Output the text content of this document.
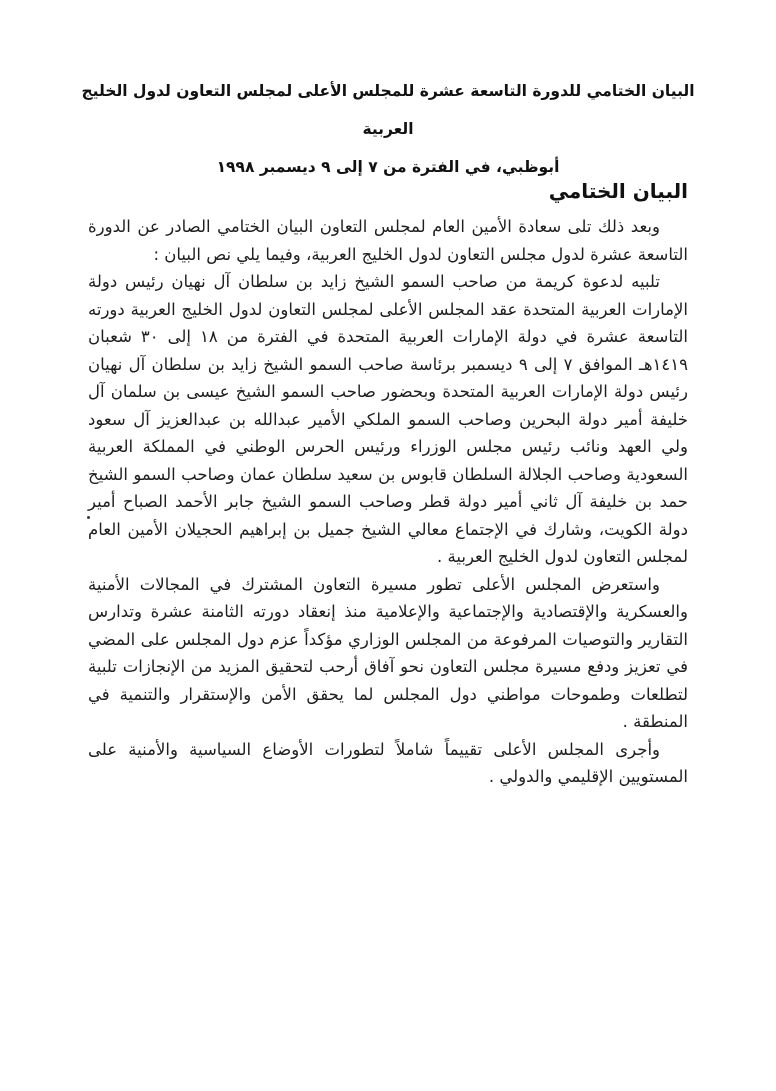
البيان الختامي للدورة التاسعة عشرة للمجلس الأعلى لمجلس التعاون لدول الخليج العربية
أبوظبي، في الفترة من ٧ إلى ٩ ديسمبر ١٩٩٨
البيان الختامي

وبعد ذلك تلى سعادة الأمين العام لمجلس التعاون البيان الختامي الصادر عن الدورة التاسعة عشرة لدول مجلس التعاون لدول الخليج العربية، وفيما يلي نص البيان :

تلبيه لدعوة كريمة من صاحب السمو الشيخ زايد بن سلطان آل نهيان رئيس دولة الإمارات العربية المتحدة عقد المجلس الأعلى لمجلس التعاون لدول الخليج العربية دورته التاسعة عشرة في دولة الإمارات العربية المتحدة في الفترة من ١٨ إلى ٣٠ شعبان ١٤١٩هـ الموافق ٧ إلى ٩ ديسمبر برئاسة صاحب السمو الشيخ زايد بن سلطان آل نهيان رئيس دولة الإمارات العربية المتحدة وبحضور صاحب السمو الشيخ عيسى بن سلمان آل خليفة أمير دولة البحرين وصاحب السمو الملكي الأمير عبدالله بن عبدالعزيز آل سعود ولي العهد ونائب رئيس مجلس الوزراء ورئيس الحرس الوطني في المملكة العربية السعودية وصاحب الجلالة السلطان قابوس بن سعيد سلطان عمان وصاحب السمو الشيخ حمد بن خليفة آل ثاني أمير دولة قطر وصاحب السمو الشيخ جابر الأحمد الصباح أمير دولة الكويت، وشارك في الإجتماع معالي الشيخ جميل بن إبراهيم الحجيلان الأمين العام لمجلس التعاون لدول الخليج العربية .

واستعرض المجلس الأعلى تطور مسيرة التعاون المشترك في المجالات الأمنية والعسكرية والإقتصادية والإجتماعية والإعلامية منذ إنعقاد دورته الثامنة عشرة وتدارس التقارير والتوصيات المرفوعة من المجلس الوزاري مؤكداً عزم دول المجلس على المضي في تعزيز ودفع مسيرة مجلس التعاون نحو آفاق أرحب لتحقيق المزيد من الإنجازات تلبية لتطلعات وطموحات مواطني دول المجلس لما يحقق الأمن والإستقرار والتنمية في المنطقة .

وأجرى المجلس الأعلى تقييماً شاملاً لتطورات الأوضاع السياسية والأمنية على المستويين الإقليمي والدولي .
